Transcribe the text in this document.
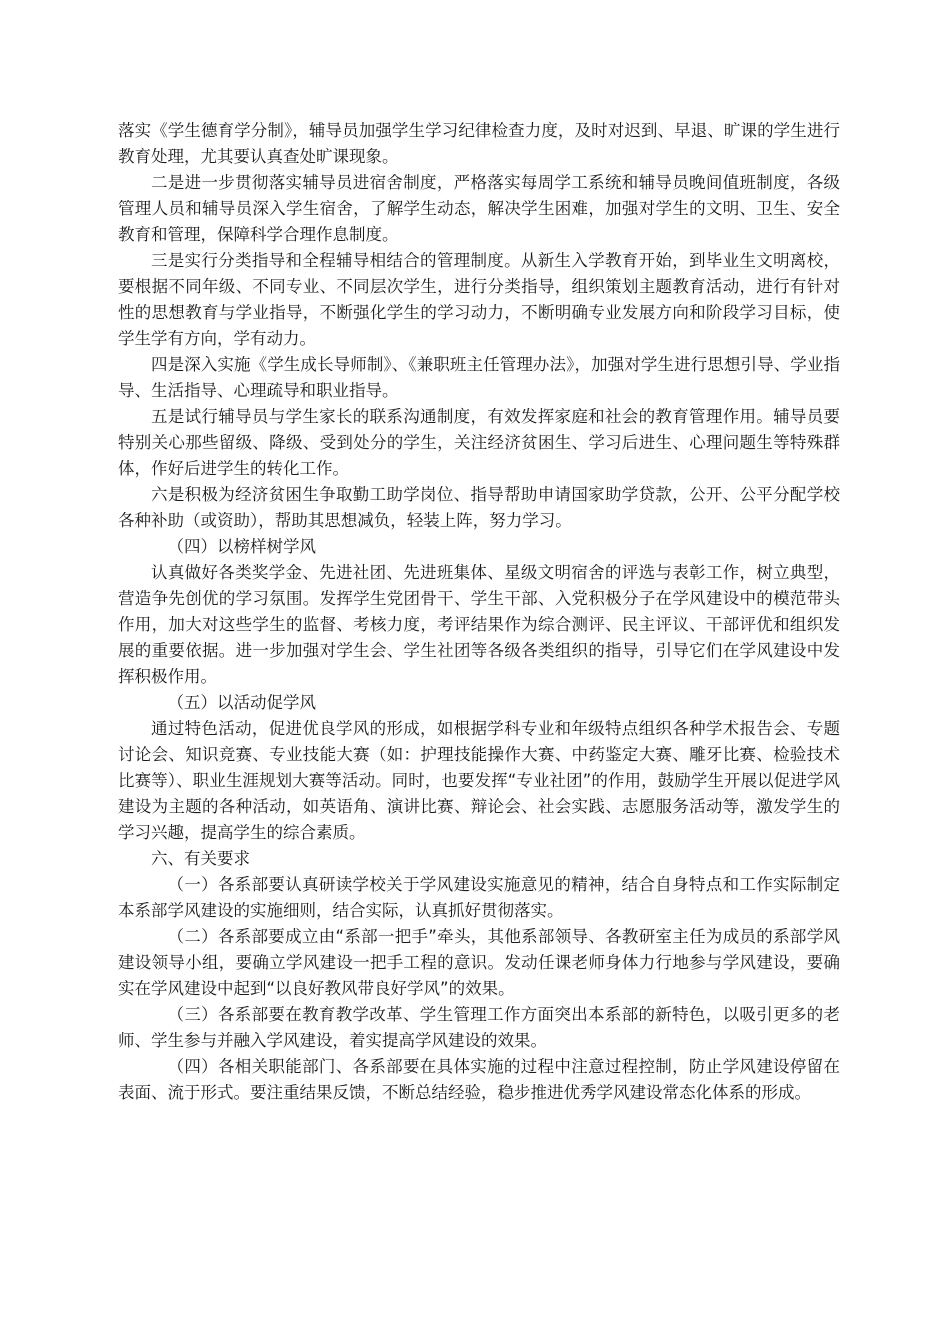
落实《学生德育学分制》，辅导员加强学生学习纪律检查力度，及时对迟到、早退、旷课的学生进行教育处理，尤其要认真查处旷课现象。

二是进一步贯彻落实辅导员进宿舍制度，严格落实每周学工系统和辅导员晚间值班制度，各级管理人员和辅导员深入学生宿舍，了解学生动态，解决学生困难，加强对学生的文明、卫生、安全教育和管理，保障科学合理作息制度。

三是实行分类指导和全程辅导相结合的管理制度。从新生入学教育开始，到毕业生文明离校，要根据不同年级、不同专业、不同层次学生，进行分类指导，组织策划主题教育活动，进行有针对性的思想教育与学业指导，不断强化学生的学习动力，不断明确专业发展方向和阶段学习目标，使学生学有方向，学有动力。

四是深入实施《学生成长导师制》、《兼职班主任管理办法》，加强对学生进行思想引导、学业指导、生活指导、心理疏导和职业指导。

五是试行辅导员与学生家长的联系沟通制度，有效发挥家庭和社会的教育管理作用。辅导员要特别关心那些留级、降级、受到处分的学生，关注经济贫困生、学习后进生、心理问题生等特殊群体，作好后进学生的转化工作。

六是积极为经济贫困生争取勤工助学岗位、指导帮助申请国家助学贷款，公开、公平分配学校各种补助（或资助），帮助其思想减负，轻装上阵，努力学习。

（四）以榜样树学风

认真做好各类奖学金、先进社团、先进班集体、星级文明宿舍的评选与表彰工作，树立典型，营造争先创优的学习氛围。发挥学生党团骨干、学生干部、入党积极分子在学风建设中的模范带头作用，加大对这些学生的监督、考核力度，考评结果作为综合测评、民主评议、干部评优和组织发展的重要依据。进一步加强对学生会、学生社团等各级各类组织的指导，引导它们在学风建设中发挥积极作用。

（五）以活动促学风

通过特色活动，促进优良学风的形成，如根据学科专业和年级特点组织各种学术报告会、专题讨论会、知识竞赛、专业技能大赛（如：护理技能操作大赛、中药鉴定大赛、雕牙比赛、检验技术比赛等）、职业生涯规划大赛等活动。同时，也要发挥“专业社团”的作用，鼓励学生开展以促进学风建设为主题的各种活动，如英语角、演讲比赛、辩论会、社会实践、志愿服务活动等，激发学生的学习兴趣，提高学生的综合素质。

六、有关要求

（一）各系部要认真研读学校关于学风建设实施意见的精神，结合自身特点和工作实际制定本系部学风建设的实施细则，结合实际，认真抓好贯彻落实。

（二）各系部要成立由“系部一把手”牵头，其他系部领导、各教研室主任为成员的系部学风建设领导小组，要确立学风建设一把手工程的意识。发动任课老师身体力行地参与学风建设，要确实在学风建设中起到“以良好教风带良好学风”的效果。

（三）各系部要在教育教学改革、学生管理工作方面突出本系部的新特色，以吸引更多的老师、学生参与并融入学风建设，着实提高学风建设的效果。

（四）各相关职能部门、各系部要在具体实施的过程中注意过程控制，防止学风建设停留在表面、流于形式。要注重结果反馈，不断总结经验，稳步推进优秀学风建设常态化体系的形成。
